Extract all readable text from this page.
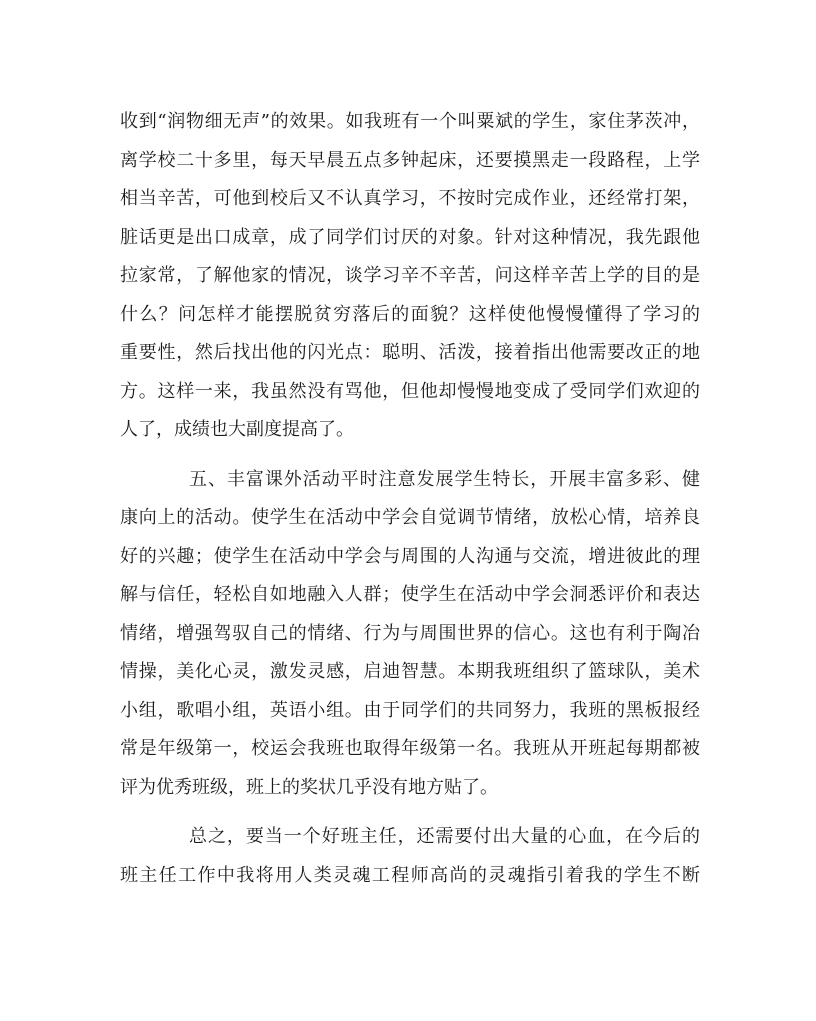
收到“润物细无声”的效果。如我班有一个叫粟斌的学生，家住茅茨冲，
离学校二十多里，每天早晨五点多钟起床，还要摸黑走一段路程，上学
相当辛苦，可他到校后又不认真学习，不按时完成作业，还经常打架，
脏话更是出口成章，成了同学们讨厌的对象。针对这种情况，我先跟他
拉家常，了解他家的情况，谈学习辛不辛苦，问这样辛苦上学的目的是
什么？问怎样才能摆脱贫穷落后的面貌？这样使他慢慢懂得了学习的
重要性，然后找出他的闪光点：聪明、活泼，接着指出他需要改正的地
方。这样一来，我虽然没有骂他，但他却慢慢地变成了受同学们欢迎的
人了，成绩也大副度提高了。
五、丰富课外活动平时注意发展学生特长，开展丰富多彩、健
康向上的活动。使学生在活动中学会自觉调节情绪，放松心情，培养良
好的兴趣；使学生在活动中学会与周围的人沟通与交流，增进彼此的理
解与信任，轻松自如地融入人群；使学生在活动中学会洞悉评价和表达
情绪，增强驾驭自己的情绪、行为与周围世界的信心。这也有利于陶冶
情操，美化心灵，激发灵感，启迪智慧。本期我班组织了篮球队，美术
小组，歌唱小组，英语小组。由于同学们的共同努力，我班的黑板报经
常是年级第一，校运会我班也取得年级第一名。我班从开班起每期都被
评为优秀班级，班上的奖状几乎没有地方贴了。
总之，要当一个好班主任，还需要付出大量的心血，在今后的
班主任工作中我将用人类灵魂工程师高尚的灵魂指引着我的学生不断
